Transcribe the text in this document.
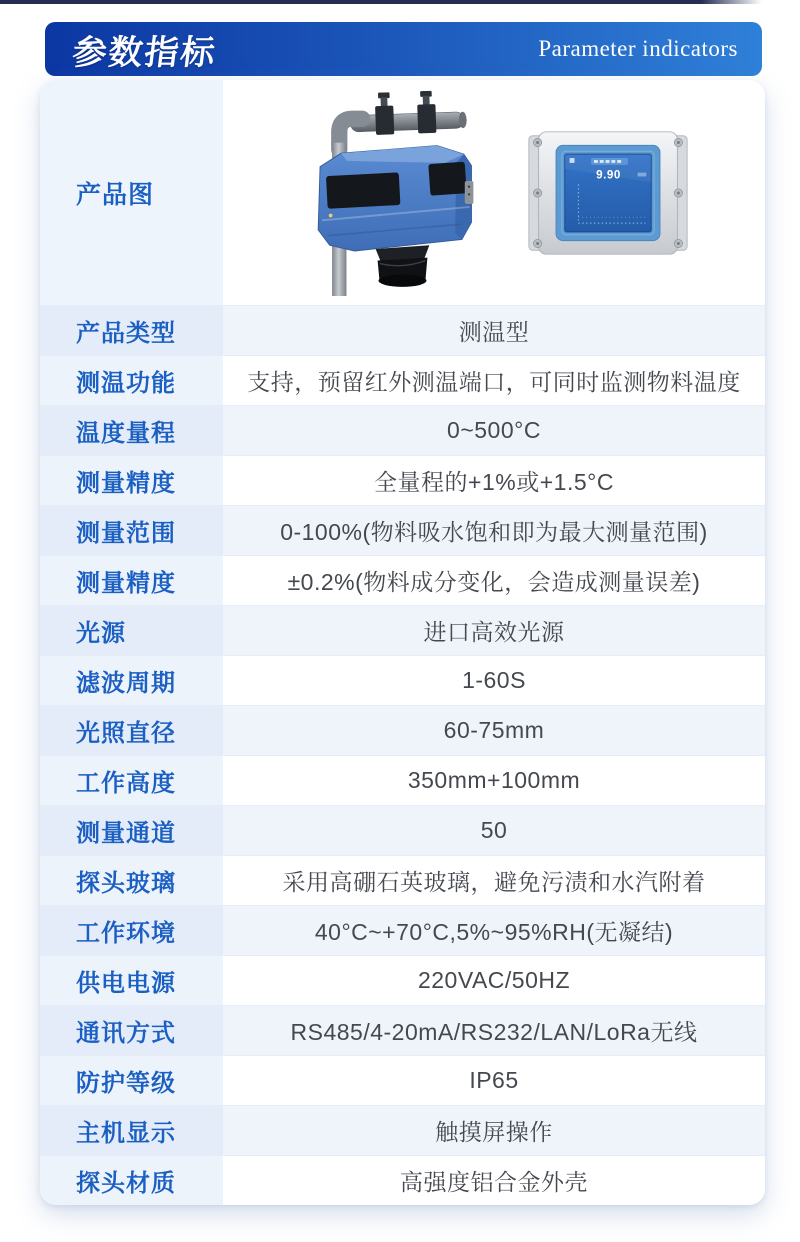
参数指标	Parameter indicators
产品图
9.90
产品类型	测温型
测温功能	支持，预留红外测温端口，可同时监测物料温度
温度量程	0~500°C
测量精度	全量程的+1%或+1.5°C
测量范围	0-100%(物料吸水饱和即为最大测量范围)
测量精度	±0.2%(物料成分变化，会造成测量误差)
光源	进口高效光源
滤波周期	1-60S
光照直径	60-75mm
工作高度	350mm+100mm
测量通道	50
探头玻璃	采用高硼石英玻璃，避免污渍和水汽附着
工作环境	40°C~+70°C,5%~95%RH(无凝结)
供电电源	220VAC/50HZ
通讯方式	RS485/4-20mA/RS232/LAN/LoRa无线
防护等级	IP65
主机显示	触摸屏操作
探头材质	高强度铝合金外壳
